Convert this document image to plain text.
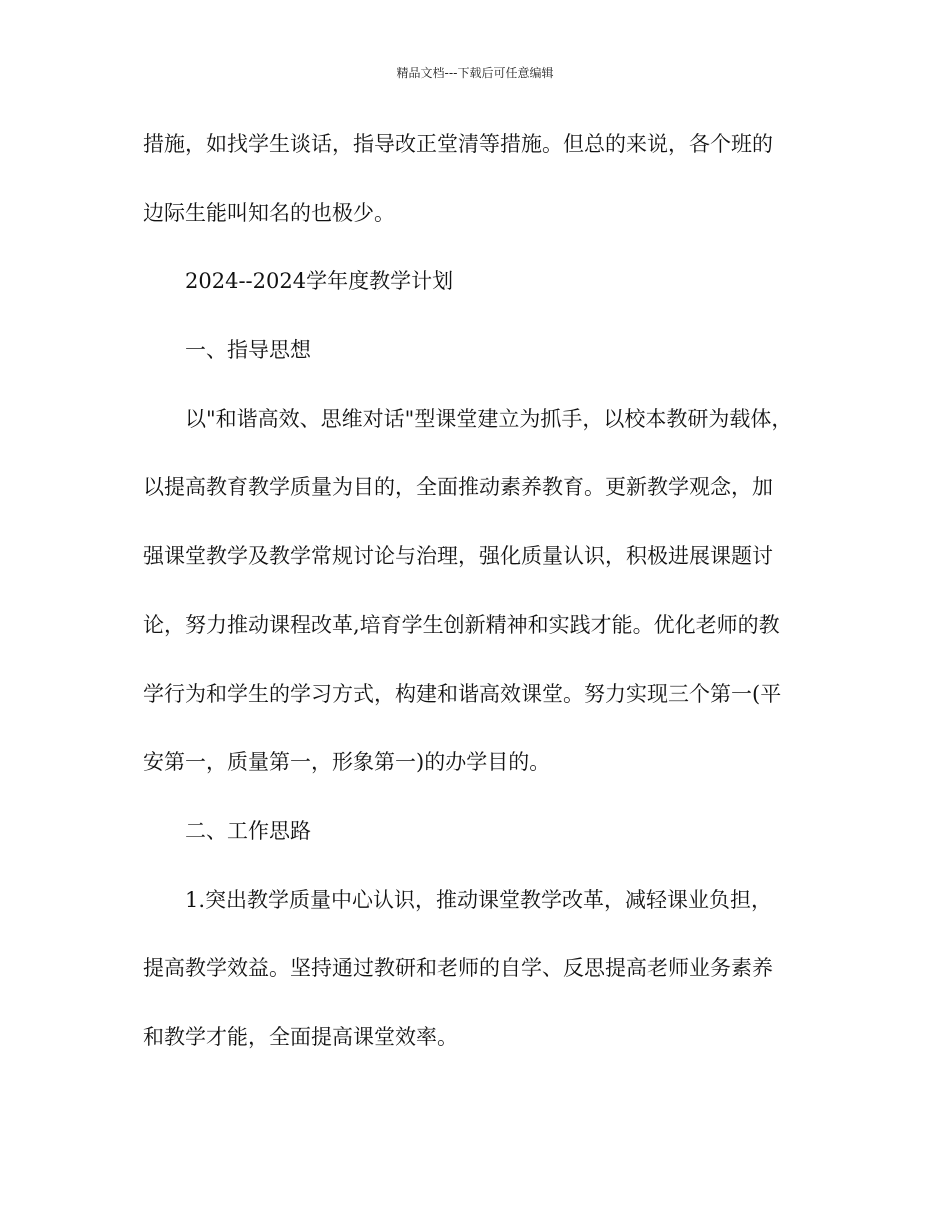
精品文档---下载后可任意编辑
措施，如找学生谈话，指导改正堂清等措施。但总的来说，各个班的
边际生能叫知名的也极少。
2024--2024学年度教学计划
一、指导思想
以"和谐高效、思维对话"型课堂建立为抓手，以校本教研为载体，
以提高教育教学质量为目的，全面推动素养教育。更新教学观念，加
强课堂教学及教学常规讨论与治理，强化质量认识，积极进展课题讨
论，努力推动课程改革,培育学生创新精神和实践才能。优化老师的教
学行为和学生的学习方式，构建和谐高效课堂。努力实现三个第一(平
安第一，质量第一，形象第一)的办学目的。
二、工作思路
1.突出教学质量中心认识，推动课堂教学改革，减轻课业负担，
提高教学效益。坚持通过教研和老师的自学、反思提高老师业务素养
和教学才能，全面提高课堂效率。
